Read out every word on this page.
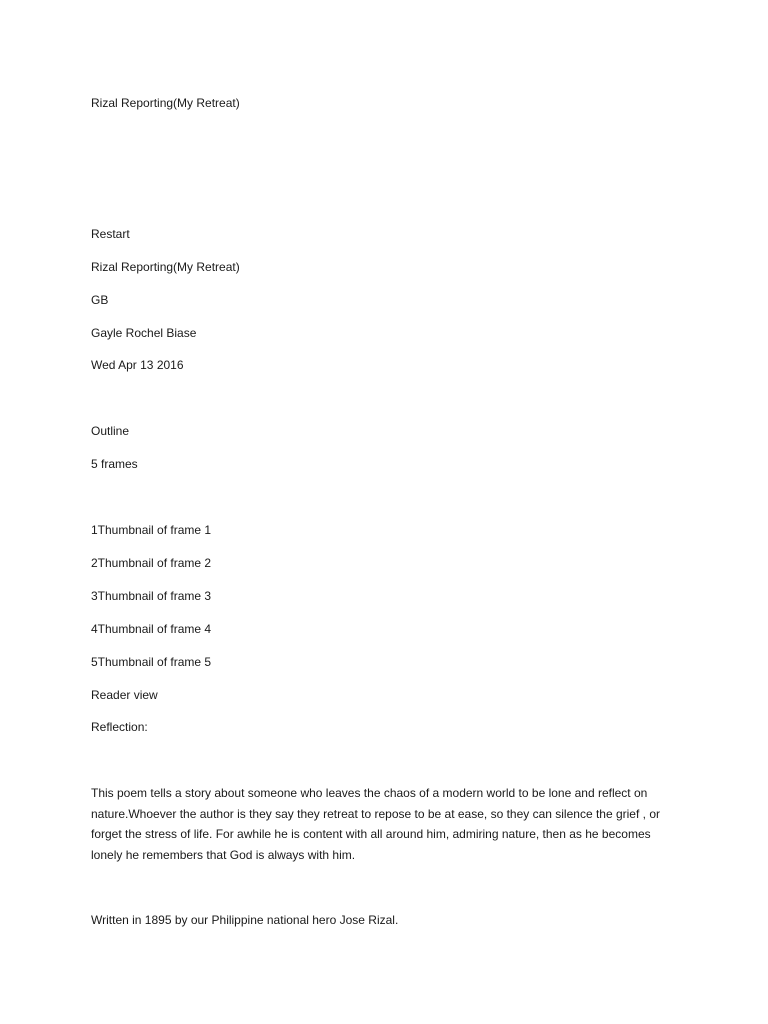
Rizal Reporting(My Retreat)
Restart
Rizal Reporting(My Retreat)
GB
Gayle Rochel Biase
Wed Apr 13 2016
Outline
5 frames
1Thumbnail of frame 1
2Thumbnail of frame 2
3Thumbnail of frame 3
4Thumbnail of frame 4
5Thumbnail of frame 5
Reader view
Reflection:
This poem tells a story about someone who leaves the chaos of a modern world to be lone and reflect on nature.Whoever the author is they say they retreat to repose to be at ease, so they can silence the grief , or forget the stress of life. For awhile he is content with all around him, admiring nature, then as he becomes lonely he remembers that God is always with him.
Written in 1895 by our Philippine national hero Jose Rizal.
